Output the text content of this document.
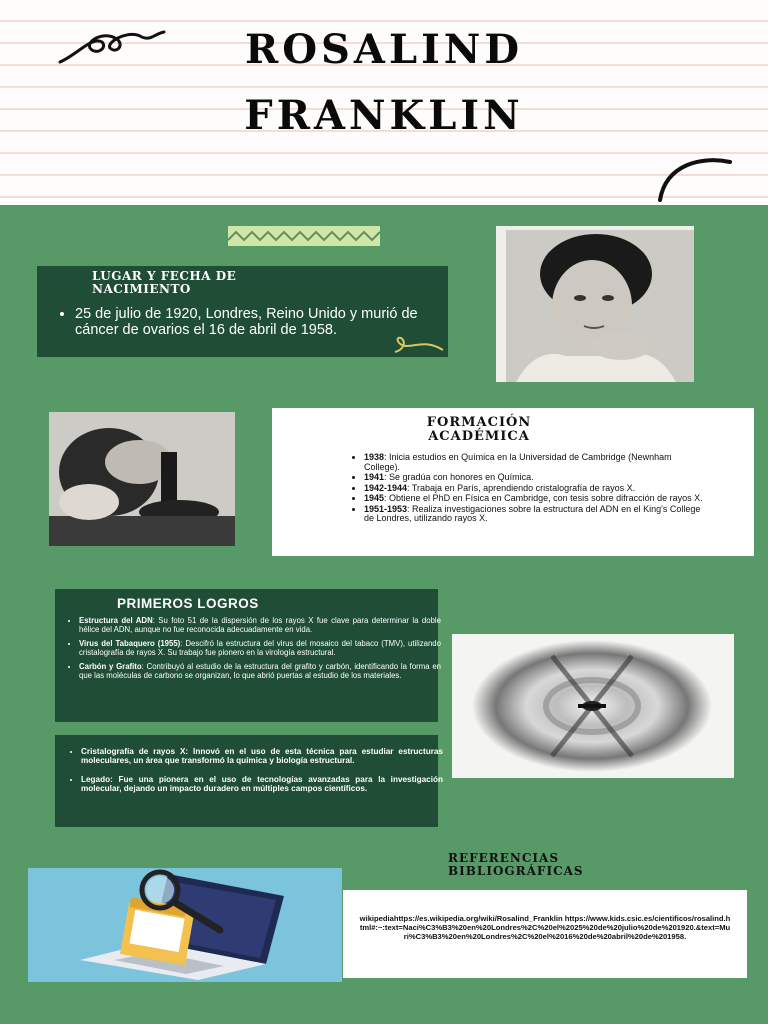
ROSALIND
FRANKLIN
LUGAR Y FECHA DE NACIMIENTO
• 25 de julio de 1920, Londres, Reino Unido y murió de cáncer de ovarios el 16 de abril de 1958.
FORMACIÓN ACADÉMICA
• 1938: Inicia estudios en Química en la Universidad de Cambridge (Newnham College).
• 1941: Se gradúa con honores en Química.
• 1942-1944: Trabaja en París, aprendiendo cristalografía de rayos X.
• 1945: Obtiene el PhD en Física en Cambridge, con tesis sobre difracción de rayos X.
• 1951-1953: Realiza investigaciones sobre la estructura del ADN en el King's College de Londres, utilizando rayos X.
PRIMEROS LOGROS
• Estructura del ADN: Su foto 51 de la dispersión de los rayos X fue clave para determinar la doble hélice del ADN, aunque no fue reconocida adecuadamente en vida.
• Virus del Tabaquero (1955): Descifró la estructura del virus del mosaico del tabaco (TMV), utilizando cristalografía de rayos X. Su trabajo fue pionero en la virología estructural.
• Carbón y Grafito: Contribuyó al estudio de la estructura del grafito y carbón, identificando la forma en que las moléculas de carbono se organizan, lo que abrió puertas al estudio de los materiales.
• Cristalografía de rayos X: Innovó en el uso de esta técnica para estudiar estructuras moleculares, un área que transformó la química y biología estructural.
• Legado: Fue una pionera en el uso de tecnologías avanzadas para la investigación molecular, dejando un impacto duradero en múltiples campos científicos.
REFERENCIAS BIBLIOGRÁFICAS
wikipediahttps://es.wikipedia.org/wiki/Rosalind_Franklin https://www.kids.csic.es/cientificos/rosalind.html#:~:text=Naci%C3%B3%20en%20Londres%2C%20el%2025%20de%20julio%20de%201920.&text=Muri%C3%B3%20en%20Londres%2C%20el%2016%20de%20abril%20de%201958.
